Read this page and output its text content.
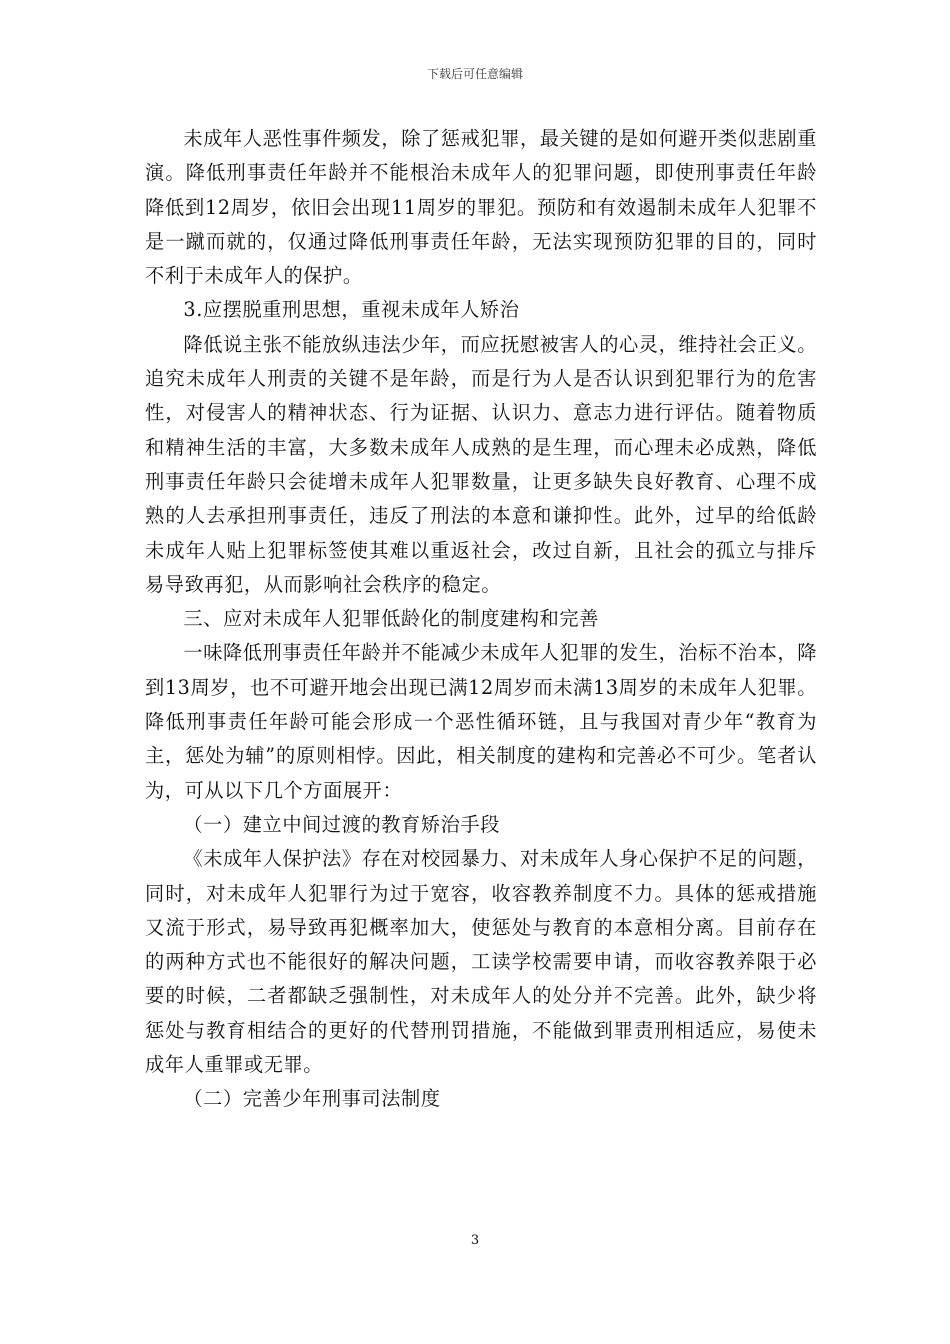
下载后可任意编辑

未成年人恶性事件频发，除了惩戒犯罪，最关键的是如何避开类似悲剧重演。降低刑事责任年龄并不能根治未成年人的犯罪问题，即使刑事责任年龄降低到12周岁，依旧会出现11周岁的罪犯。预防和有效遏制未成年人犯罪不是一蹴而就的，仅通过降低刑事责任年龄，无法实现预防犯罪的目的，同时不利于未成年人的保护。

3.应摆脱重刑思想，重视未成年人矫治

降低说主张不能放纵违法少年，而应抚慰被害人的心灵，维持社会正义。追究未成年人刑责的关键不是年龄，而是行为人是否认识到犯罪行为的危害性，对侵害人的精神状态、行为证据、认识力、意志力进行评估。随着物质和精神生活的丰富，大多数未成年人成熟的是生理，而心理未必成熟，降低刑事责任年龄只会徒增未成年人犯罪数量，让更多缺失良好教育、心理不成熟的人去承担刑事责任，违反了刑法的本意和谦抑性。此外，过早的给低龄未成年人贴上犯罪标签使其难以重返社会，改过自新，且社会的孤立与排斥易导致再犯，从而影响社会秩序的稳定。

三、应对未成年人犯罪低龄化的制度建构和完善

一味降低刑事责任年龄并不能减少未成年人犯罪的发生，治标不治本，降到13周岁，也不可避开地会出现已满12周岁而未满13周岁的未成年人犯罪。降低刑事责任年龄可能会形成一个恶性循环链，且与我国对青少年“教育为主，惩处为辅”的原则相悖。因此，相关制度的建构和完善必不可少。笔者认为，可从以下几个方面展开：

（一）建立中间过渡的教育矫治手段

《未成年人保护法》存在对校园暴力、对未成年人身心保护不足的问题，同时，对未成年人犯罪行为过于宽容，收容教养制度不力。具体的惩戒措施又流于形式，易导致再犯概率加大，使惩处与教育的本意相分离。目前存在的两种方式也不能很好的解决问题，工读学校需要申请，而收容教养限于必要的时候，二者都缺乏强制性，对未成年人的处分并不完善。此外，缺少将惩处与教育相结合的更好的代替刑罚措施，不能做到罪责刑相适应，易使未成年人重罪或无罪。

（二）完善少年刑事司法制度

3
